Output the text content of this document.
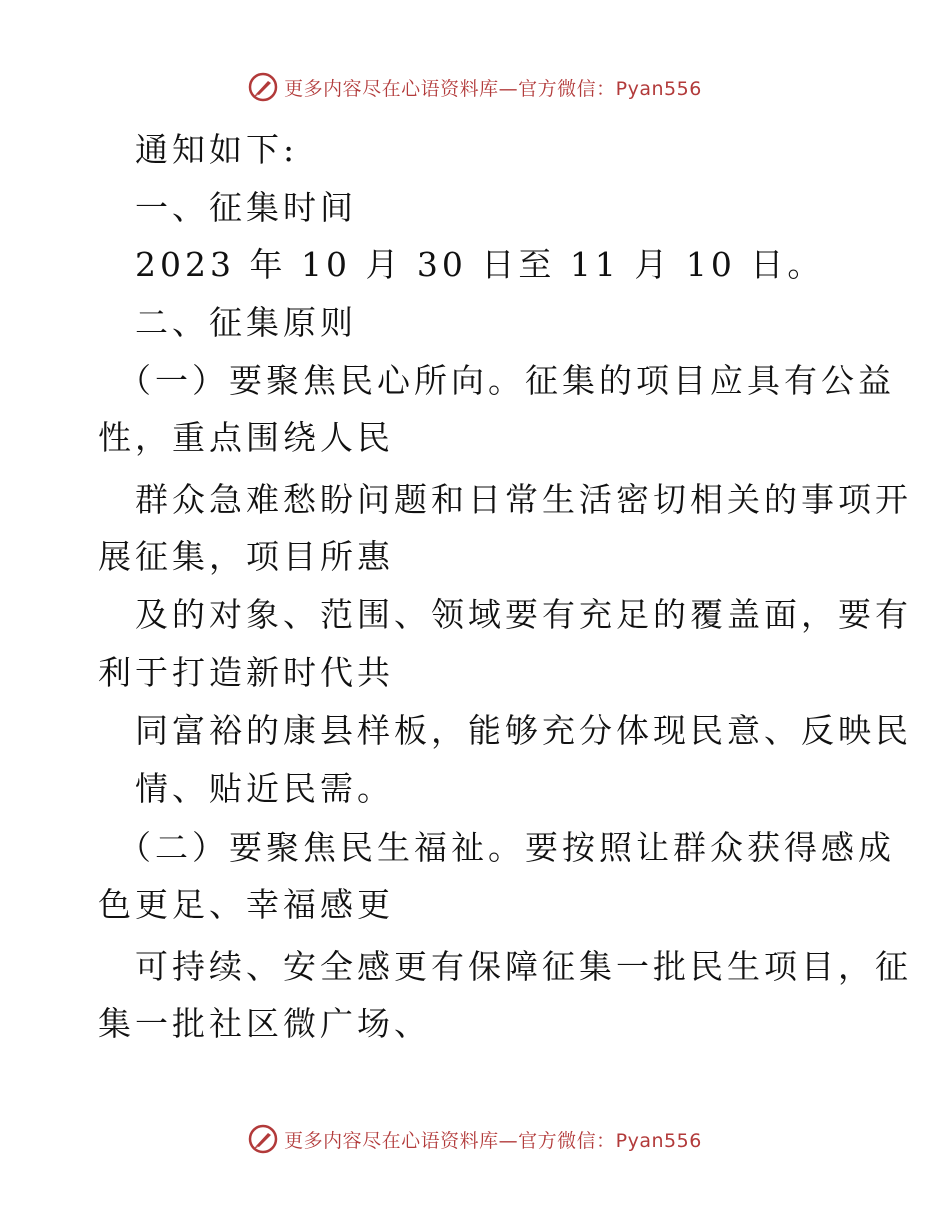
更多内容尽在心语资料库—官方微信：Pyan556
通知如下:
一、征集时间
2023 年 10 月 30 日至 11 月 10 日。
二、征集原则
（一）要聚焦民心所向。征集的项目应具有公益
性，重点围绕人民
群众急难愁盼问题和日常生活密切相关的事项开
展征集，项目所惠
及的对象、范围、领域要有充足的覆盖面，要有
利于打造新时代共
同富裕的康县样板，能够充分体现民意、反映民
情、贴近民需。
（二）要聚焦民生福祉。要按照让群众获得感成
色更足、幸福感更
可持续、安全感更有保障征集一批民生项目，征
集一批社区微广场、
更多内容尽在心语资料库—官方微信：Pyan556
